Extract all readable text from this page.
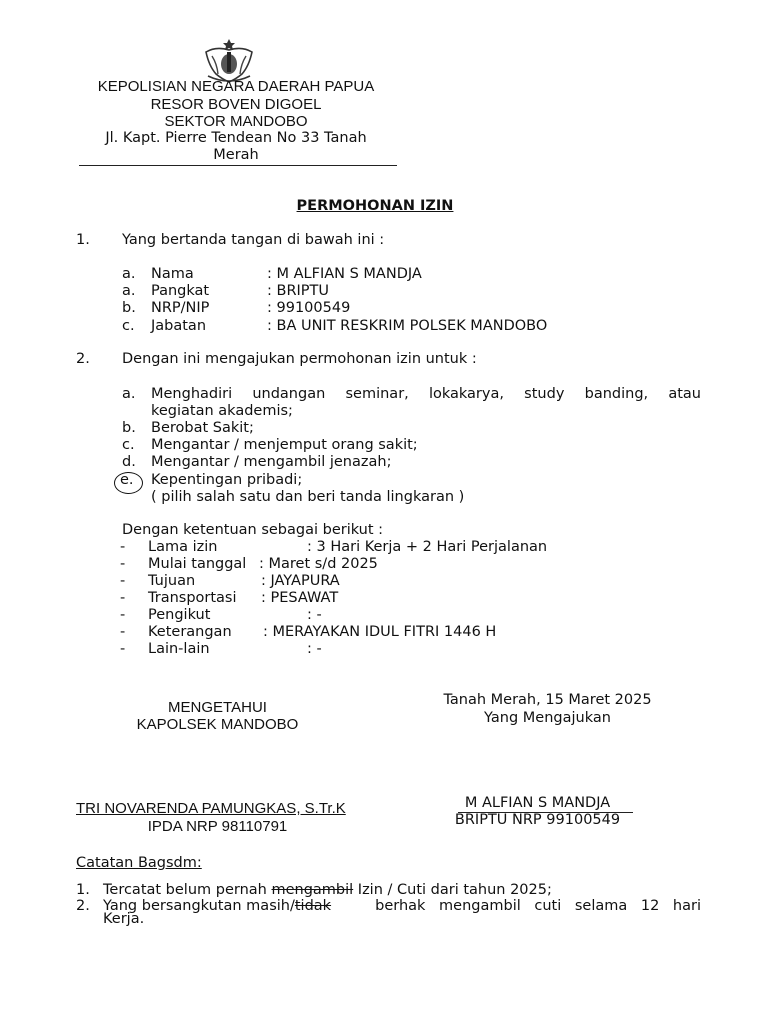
KEPOLISIAN NEGARA DAERAH PAPUA
RESOR BOVEN DIGOEL
SEKTOR MANDOBO
Jl. Kapt. Pierre Tendean No 33 Tanah
Merah
PERMOHONAN IZIN
1. Yang bertanda tangan di bawah ini :
a. Nama	: M ALFIAN S MANDJA
a. Pangkat	: BRIPTU
b. NRP/NIP	: 99100549
c. Jabatan	: BA UNIT RESKRIM POLSEK MANDOBO
2. Dengan ini mengajukan permohonan izin untuk :
a. Menghadiri undangan seminar, lokakarya, study banding, atau
kegiatan akademis;
b. Berobat Sakit;
c. Mengantar / menjemput orang sakit;
d. Mengantar / mengambil jenazah;
e. Kepentingan pribadi;
( pilih salah satu dan beri tanda lingkaran )
Dengan ketentuan sebagai berikut :
- Lama izin	: 3 Hari Kerja + 2 Hari Perjalanan
- Mulai tanggal : Maret s/d 2025
- Tujuan	: JAYAPURA
- Transportasi : PESAWAT
- Pengikut	: -
- Keterangan : MERAYAKAN IDUL FITRI 1446 H
- Lain-lain	: -
MENGETAHUI
KAPOLSEK MANDOBO
Tanah Merah, 15 Maret 2025
Yang Mengajukan
TRI NOVARENDA PAMUNGKAS, S.Tr.K
IPDA NRP 98110791
M ALFIAN S MANDJA
BRIPTU NRP 99100549
Catatan Bagsdm:
1. Tercatat belum pernah mengambil Izin / Cuti dari tahun 2025;
2. Yang bersangkutan masih/tidak	berhak mengambil cuti selama 12 hari
Kerja.
